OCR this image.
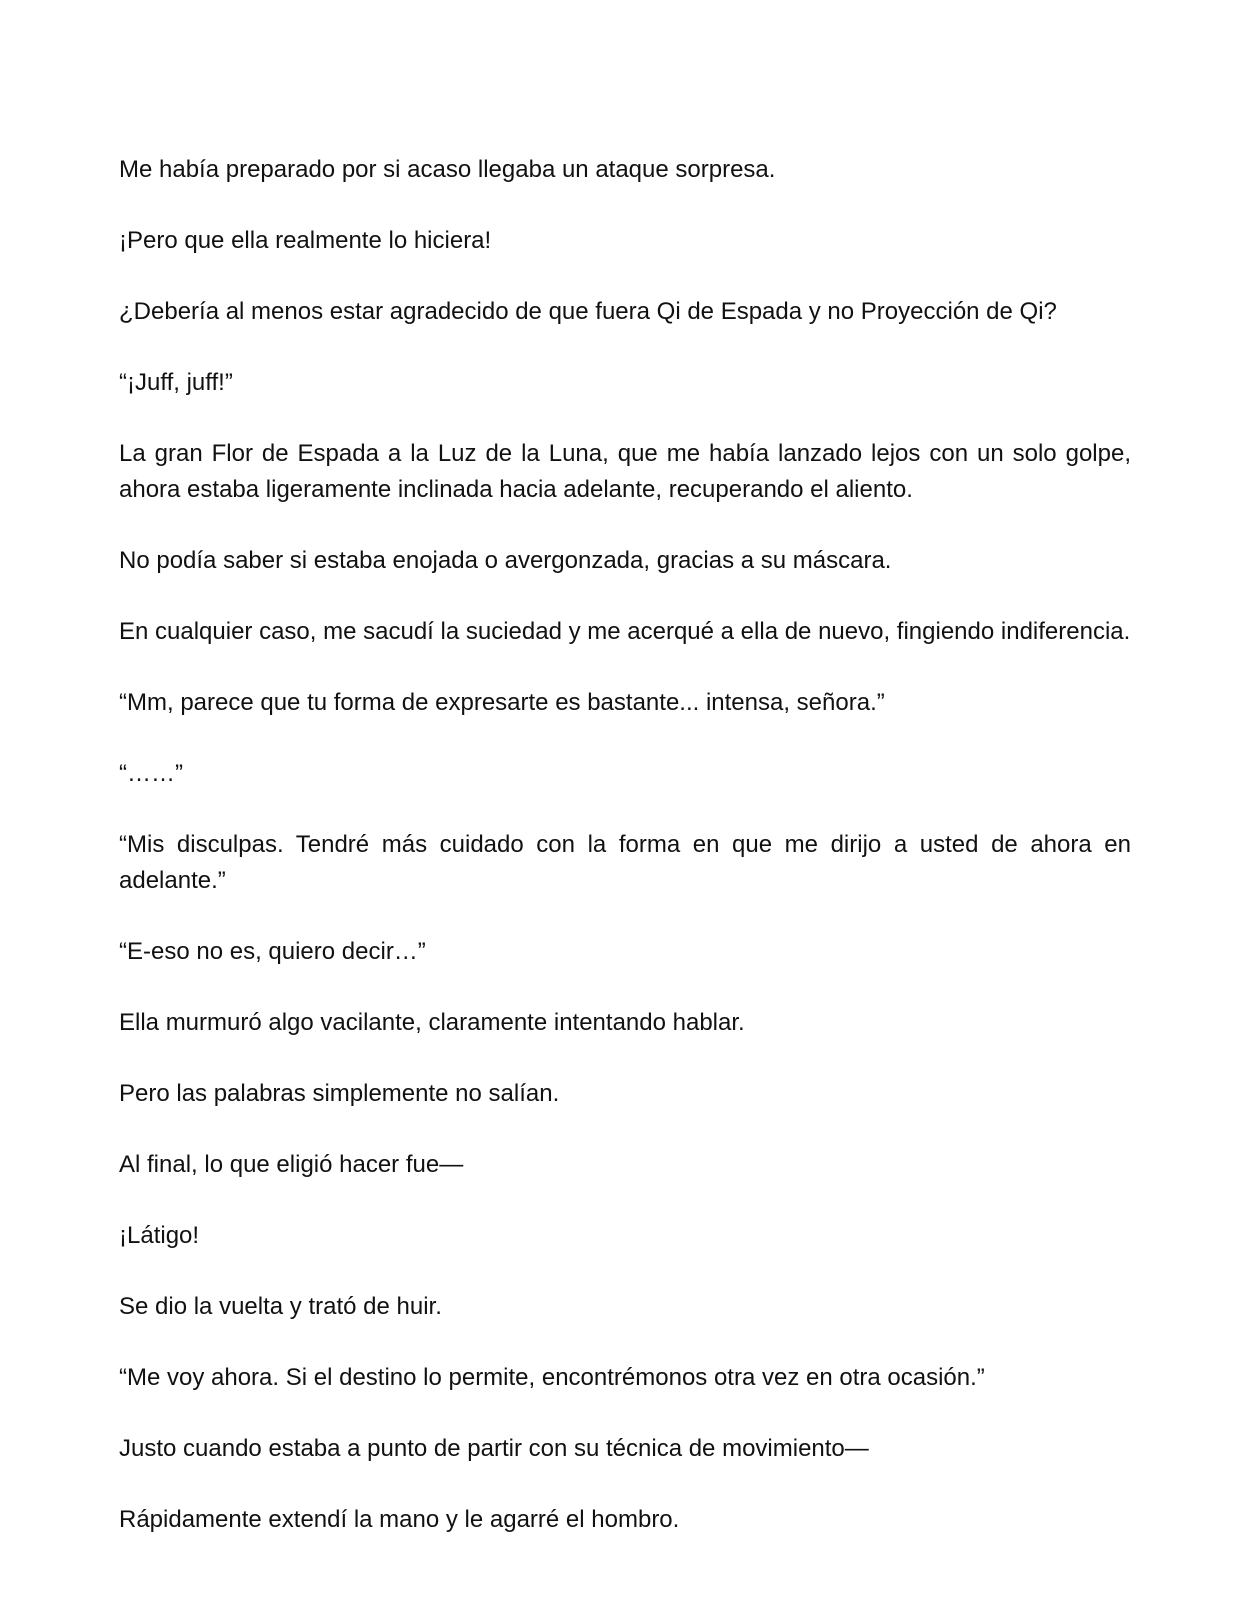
Me había preparado por si acaso llegaba un ataque sorpresa.

¡Pero que ella realmente lo hiciera!

¿Debería al menos estar agradecido de que fuera Qi de Espada y no Proyección de Qi?

“¡Juff, juff!”

La gran Flor de Espada a la Luz de la Luna, que me había lanzado lejos con un solo golpe, ahora estaba ligeramente inclinada hacia adelante, recuperando el aliento.

No podía saber si estaba enojada o avergonzada, gracias a su máscara.

En cualquier caso, me sacudí la suciedad y me acerqué a ella de nuevo, fingiendo indiferencia.

“Mm, parece que tu forma de expresarte es bastante... intensa, señora.”

“……”

“Mis disculpas. Tendré más cuidado con la forma en que me dirijo a usted de ahora en adelante.”

“E-eso no es, quiero decir…”

Ella murmuró algo vacilante, claramente intentando hablar.

Pero las palabras simplemente no salían.

Al final, lo que eligió hacer fue—

¡Látigo!

Se dio la vuelta y trató de huir.

“Me voy ahora. Si el destino lo permite, encontrémonos otra vez en otra ocasión.”

Justo cuando estaba a punto de partir con su técnica de movimiento—

Rápidamente extendí la mano y le agarré el hombro.
